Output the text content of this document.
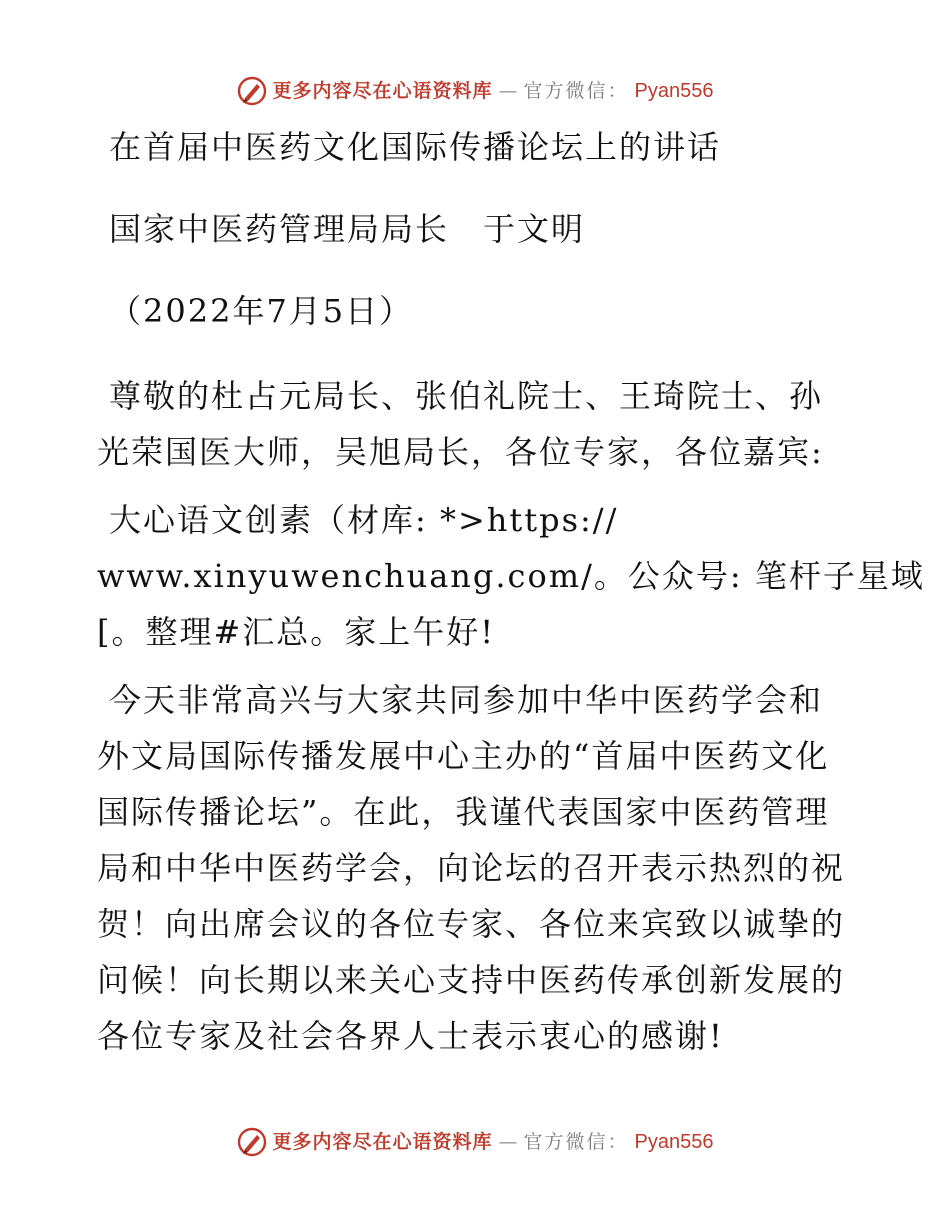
更多内容尽在心语资料库 — 官方微信： Pyan556
在首届中医药文化国际传播论坛上的讲话
国家中医药管理局局长　于文明
（2022年7月5日）
尊敬的杜占元局长、张伯礼院士、王琦院士、孙
光荣国医大师，吴旭局长，各位专家，各位嘉宾:
大心语文创素（材库: *>https://
www.xinyuwenchuang.com/。公众号: 笔杆子星域
[。整理#汇总。家上午好!
今天非常高兴与大家共同参加中华中医药学会和
外文局国际传播发展中心主办的“首届中医药文化
国际传播论坛”。在此，我谨代表国家中医药管理
局和中华中医药学会，向论坛的召开表示热烈的祝
贺！向出席会议的各位专家、各位来宾致以诚挚的
问候！向长期以来关心支持中医药传承创新发展的
各位专家及社会各界人士表示衷心的感谢!
更多内容尽在心语资料库 — 官方微信： Pyan556
